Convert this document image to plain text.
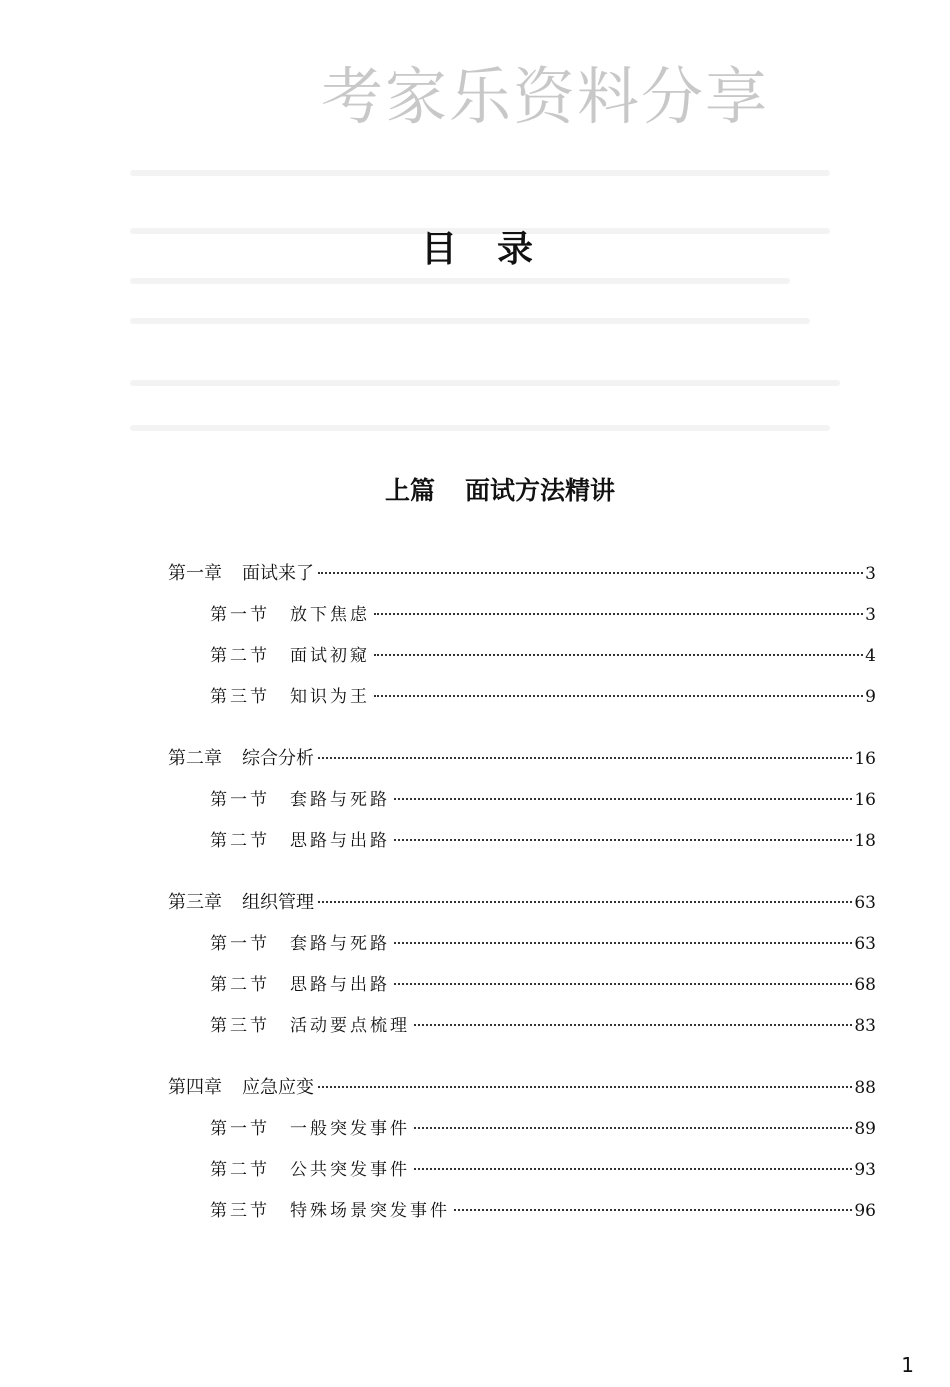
考家乐资料分享
目录
上篇 面试方法精讲
第一章 面试来了	3
第一节 放下焦虑	3
第二节 面试初窥	4
第三节 知识为王	9
第二章 综合分析	16
第一节 套路与死路	16
第二节 思路与出路	18
第三章 组织管理	63
第一节 套路与死路	63
第二节 思路与出路	68
第三节 活动要点梳理	83
第四章 应急应变	88
第一节 一般突发事件	89
第二节 公共突发事件	93
第三节 特殊场景突发事件	96
1
